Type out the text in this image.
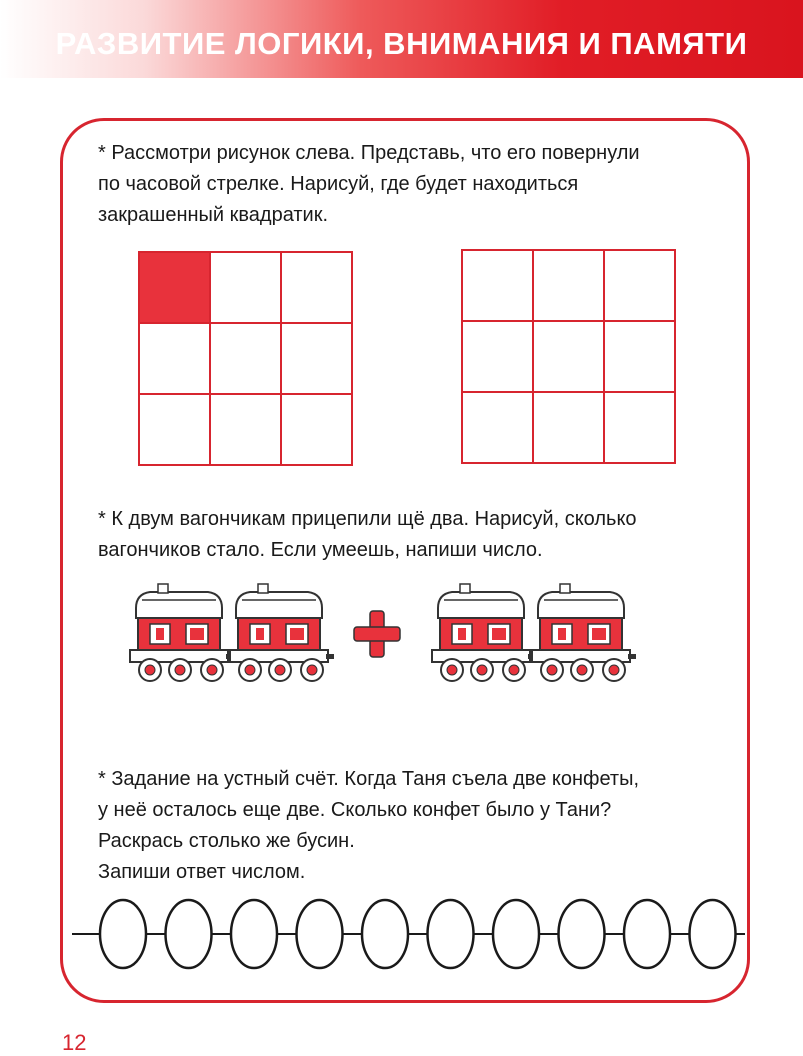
РАЗВИТИЕ ЛОГИКИ, ВНИМАНИЯ И ПАМЯТИ
* Рассмотри рисунок слева. Представь, что его повернули
по часовой стрелке. Нарисуй, где будет находиться
закрашенный квадратик.
* К двум вагончикам прицепили щё два. Нарисуй, сколько
вагончиков стало. Если умеешь, напиши число.
* Задание на устный счёт. Когда Таня съела две конфеты,
у неё осталось еще две. Сколько конфет было у Тани?
Раскрась столько же бусин.
Запиши ответ числом.
12
